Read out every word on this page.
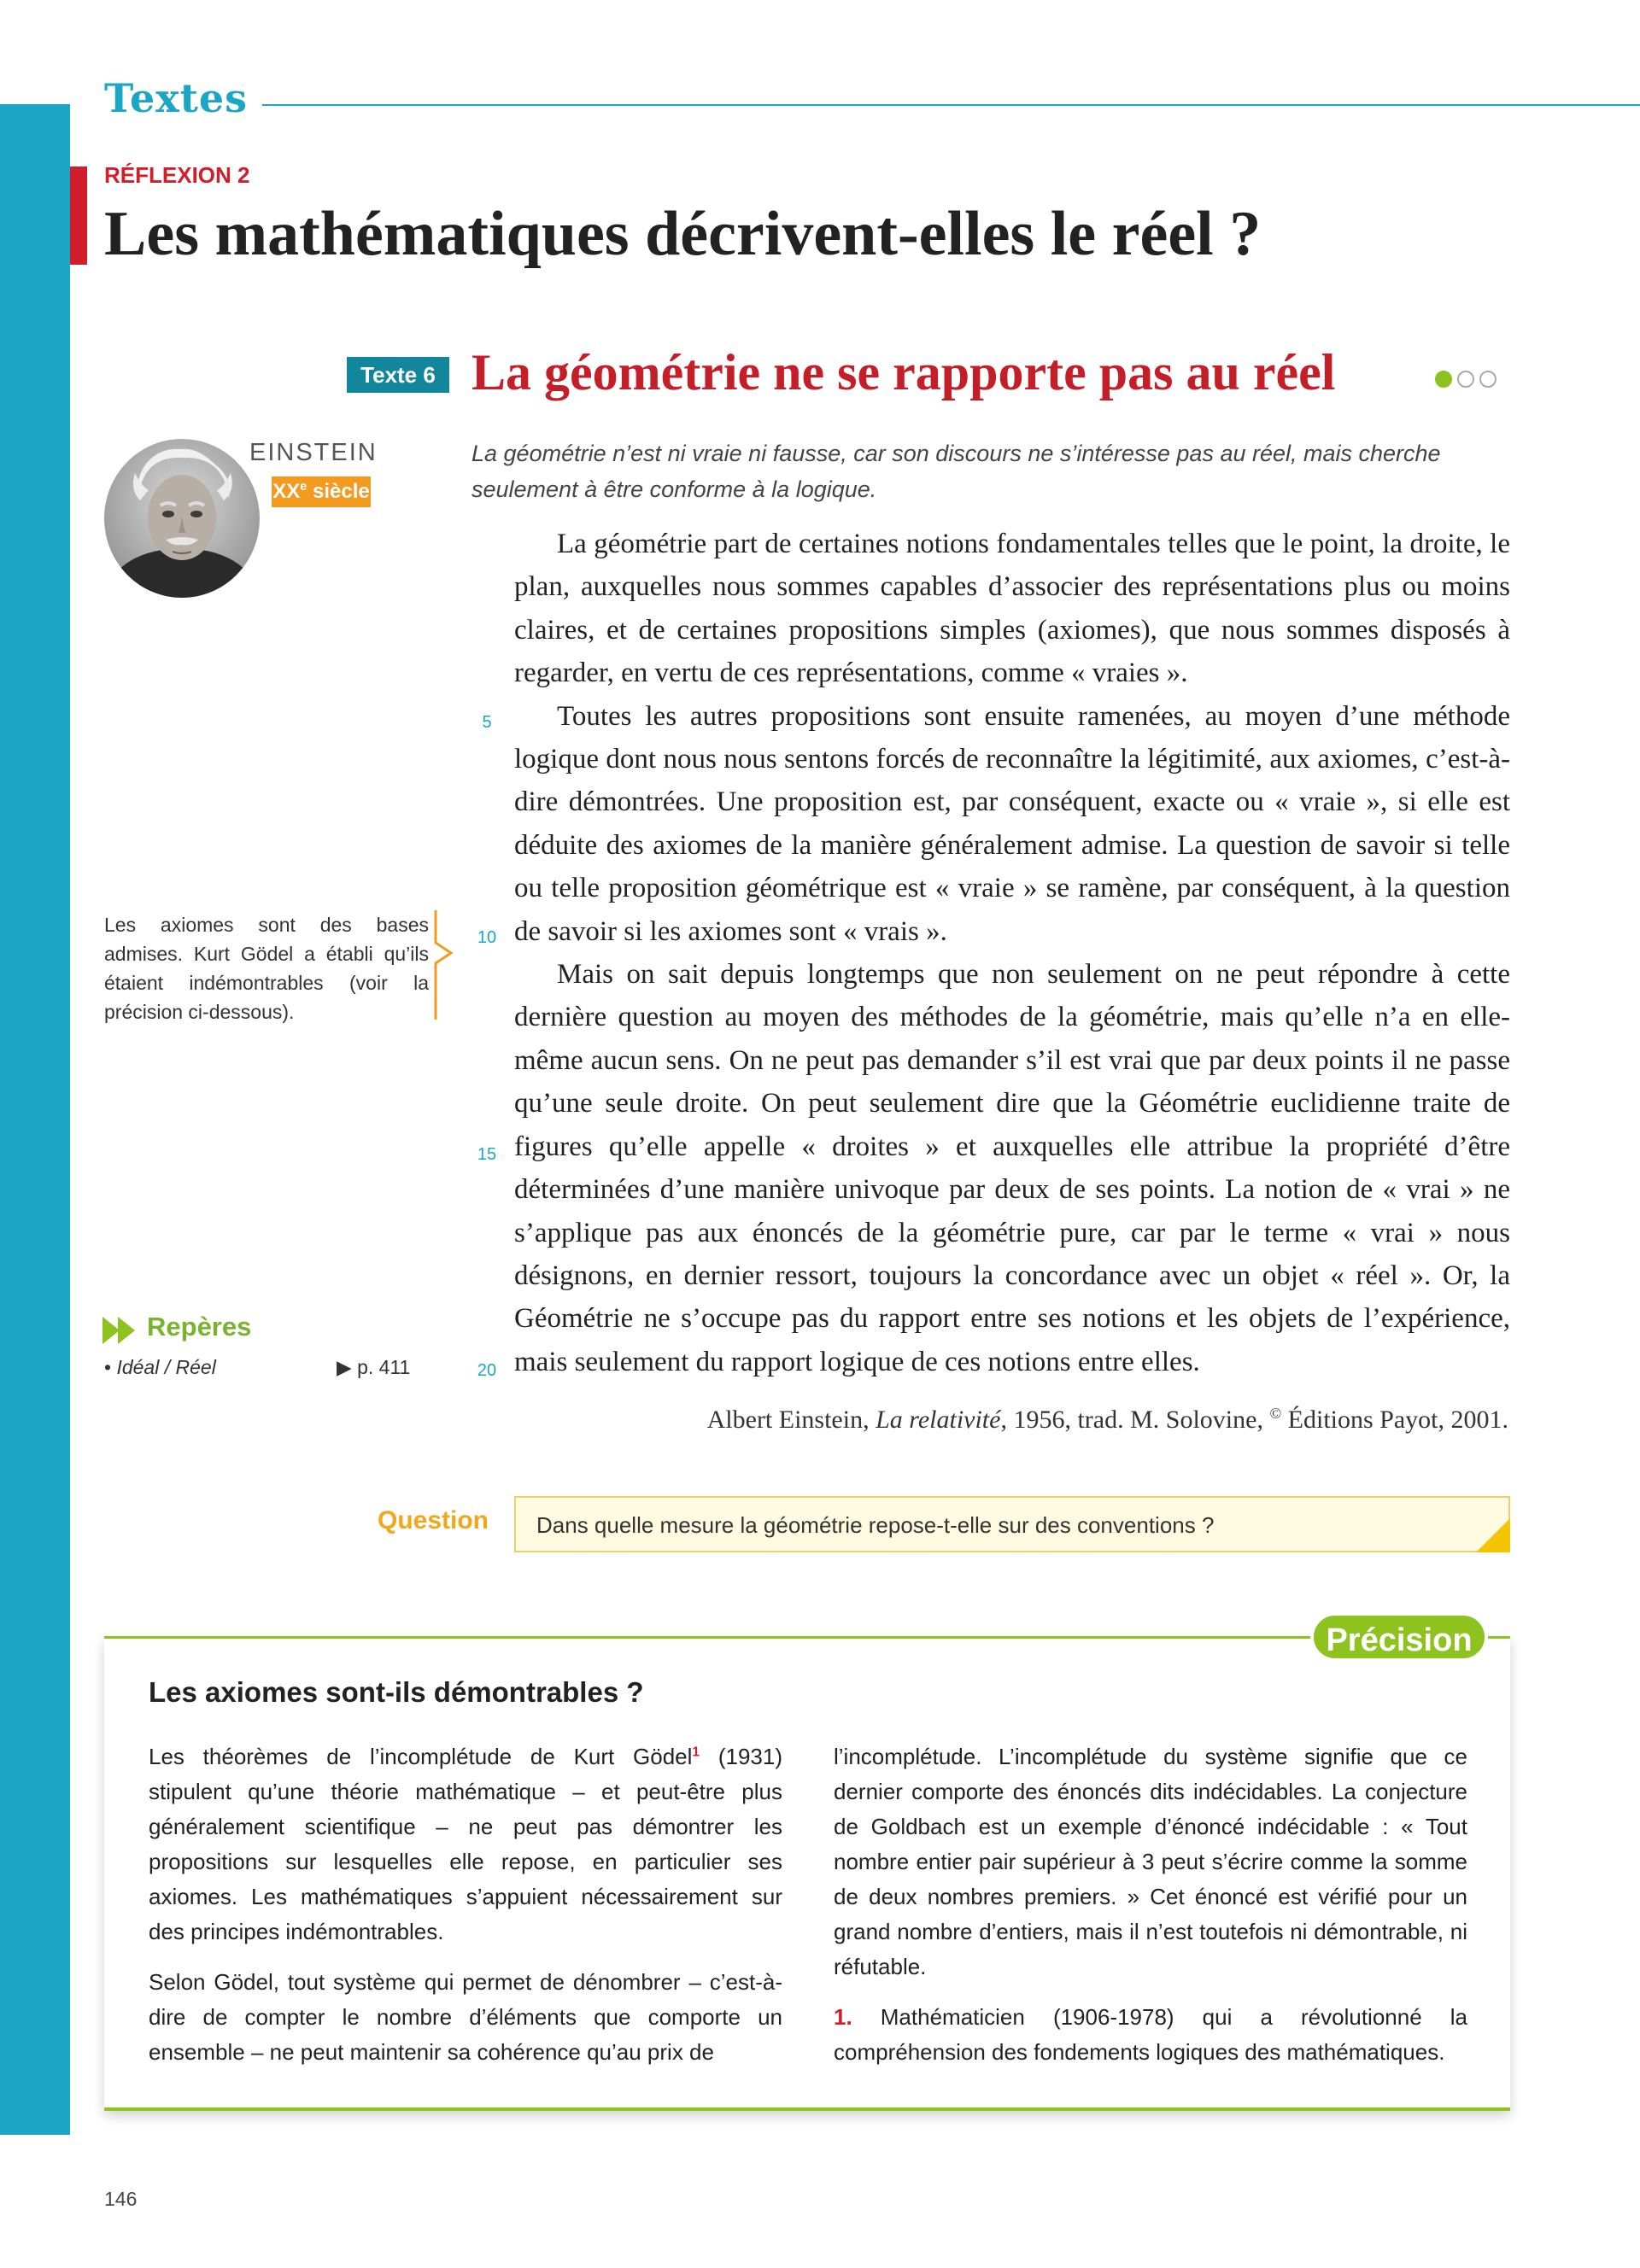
Textes
RÉFLEXION 2
Les mathématiques décrivent-elles le réel ?
Texte 6 La géométrie ne se rapporte pas au réel
EINSTEIN
XXe siècle

La géométrie n’est ni vraie ni fausse, car son discours ne s’intéresse pas au réel, mais cherche seulement à être conforme à la logique.

La géométrie part de certaines notions fondamentales telles que le point, la droite, le plan, auxquelles nous sommes capables d’associer des représentations plus ou moins claires, et de certaines propositions simples (axiomes), que nous sommes disposés à regarder, en vertu de ces représentations, comme « vraies ».

Toutes les autres propositions sont ensuite ramenées, au moyen d’une méthode logique dont nous nous sentons forcés de reconnaître la légitimité, aux axiomes, c’est-à-dire démontrées. Une proposition est, par conséquent, exacte ou « vraie », si elle est déduite des axiomes de la manière généralement admise. La question de savoir si telle ou telle proposition géométrique est « vraie » se ramène, par conséquent, à la question de savoir si les axiomes sont « vrais ».

Mais on sait depuis longtemps que non seulement on ne peut répondre à cette dernière question au moyen des méthodes de la géométrie, mais qu’elle n’a en elle-même aucun sens. On ne peut pas demander s’il est vrai que par deux points il ne passe qu’une seule droite. On peut seulement dire que la Géométrie euclidienne traite de figures qu’elle appelle « droites » et auxquelles elle attribue la propriété d’être déterminées d’une manière univoque par deux de ses points. La notion de « vrai » ne s’applique pas aux énoncés de la géométrie pure, car par le terme « vrai » nous désignons, en dernier ressort, toujours la concordance avec un objet « réel ». Or, la Géométrie ne s’occupe pas du rapport entre ses notions et les objets de l’expérience, mais seulement du rapport logique de ces notions entre elles.

5
10
15
20

Les axiomes sont des bases admises. Kurt Gödel a établi qu’ils étaient indémontrables (voir la précision ci-dessous).

Repères
• Idéal / Réel	▶ p. 411

Albert Einstein, La relativité, 1956, trad. M. Solovine, © Éditions Payot, 2001.

Question Dans quelle mesure la géométrie repose-t-elle sur des conventions ?
Les axiomes sont-ils démontrables ?

Les théorèmes de l’incomplétude de Kurt Gödel$^1$ (1931) stipulent qu’une théorie mathématique – et peut-être plus généralement scientifique – ne peut pas démontrer les propositions sur lesquelles elle repose, en particulier ses axiomes. Les mathématiques s’appuient nécessairement sur des principes indémontrables.

Selon Gödel, tout système qui permet de dénombrer – c’est-à-dire de compter le nombre d’éléments que comporte un ensemble – ne peut maintenir sa cohérence qu’au prix de

l’incomplétude. L’incomplétude du système signifie que ce dernier comporte des énoncés dits indécidables. La conjecture de Goldbach est un exemple d’énoncé indécidable : « Tout nombre entier pair supérieur à 3 peut s’écrire comme la somme de deux nombres premiers. » Cet énoncé est vérifié pour un grand nombre d’entiers, mais il n’est toutefois ni démontrable, ni réfutable.

1. Mathématicien (1906-1978) qui a révolutionné la compréhension des fondements logiques des mathématiques.

Précision
146
